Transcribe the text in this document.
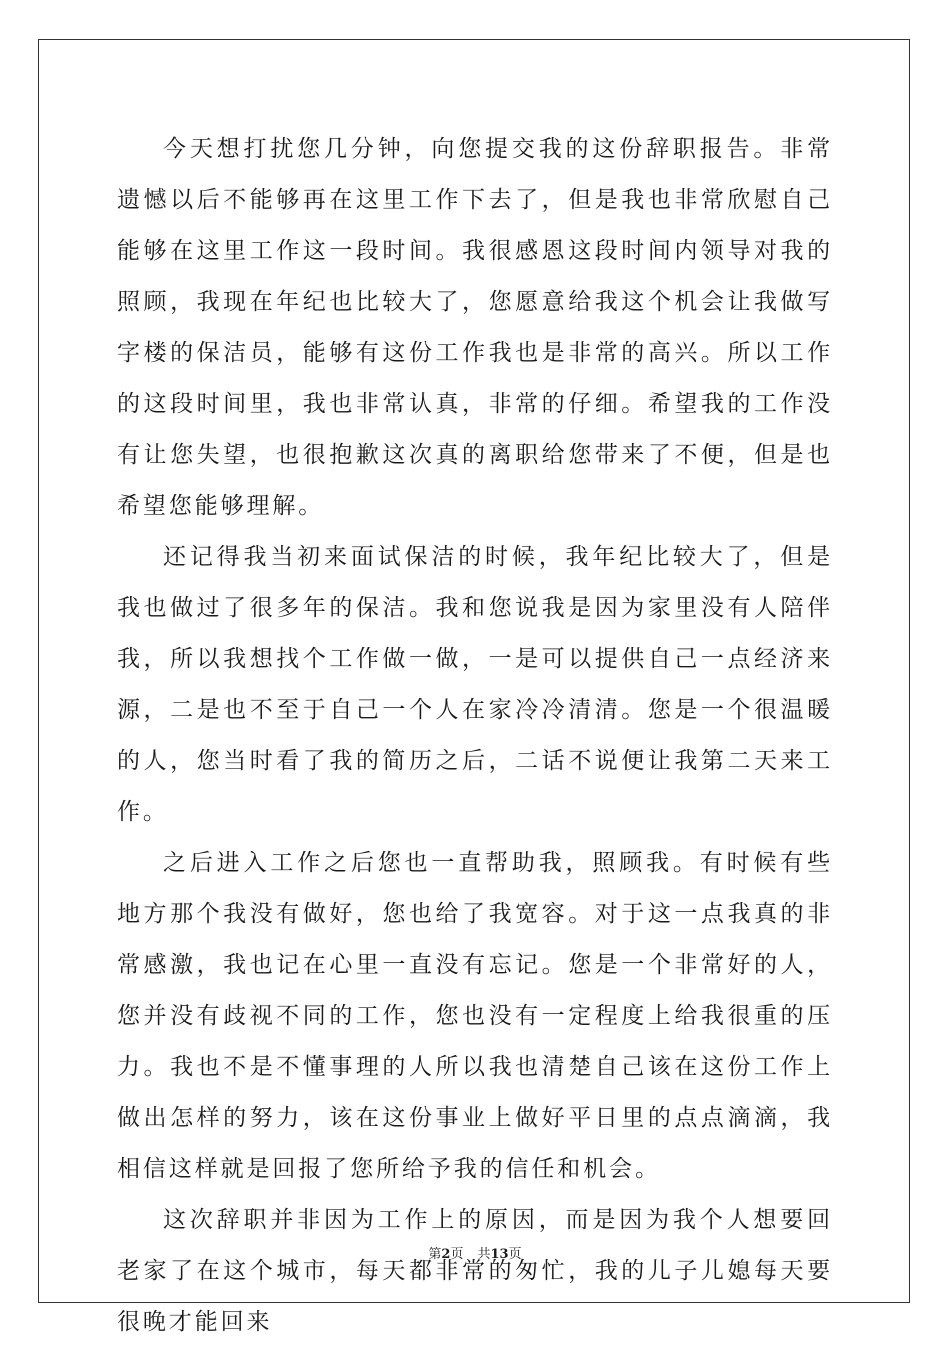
今天想打扰您几分钟，向您提交我的这份辞职报告。非常遗憾以后不能够再在这里工作下去了，但是我也非常欣慰自己能够在这里工作这一段时间。我很感恩这段时间内领导对我的照顾，我现在年纪也比较大了，您愿意给我这个机会让我做写字楼的保洁员，能够有这份工作我也是非常的高兴。所以工作的这段时间里，我也非常认真，非常的仔细。希望我的工作没有让您失望，也很抱歉这次真的离职给您带来了不便，但是也希望您能够理解。

还记得我当初来面试保洁的时候，我年纪比较大了，但是我也做过了很多年的保洁。我和您说我是因为家里没有人陪伴我，所以我想找个工作做一做，一是可以提供自己一点经济来源，二是也不至于自己一个人在家冷冷清清。您是一个很温暖的人，您当时看了我的简历之后，二话不说便让我第二天来工作。

之后进入工作之后您也一直帮助我，照顾我。有时候有些地方那个我没有做好，您也给了我宽容。对于这一点我真的非常感激，我也记在心里一直没有忘记。您是一个非常好的人，您并没有歧视不同的工作，您也没有一定程度上给我很重的压力。我也不是不懂事理的人所以我也清楚自己该在这份工作上做出怎样的努力，该在这份事业上做好平日里的点点滴滴，我相信这样就是回报了您所给予我的信任和机会。

这次辞职并非因为工作上的原因，而是因为我个人想要回老家了在这个城市，每天都非常的匆忙，我的儿子儿媳每天要很晚才能回来

第2页 共13页
